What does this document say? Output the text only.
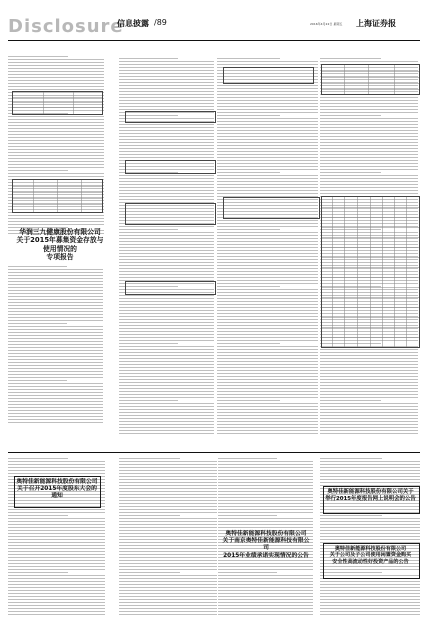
Disclosure
信息披露 /89	2016年4月22日 星期五 上海证券报
华润三九健康股份有限公司
关于2015年募集资金存放与使用情况的
专项报告
奥特佳新能源科技股份有限公司
关于召开2015年度股东大会的通知
奥特佳新能源科技股份有限公司
关于南京奥特佳新能源科技有限公司
2015年业绩承诺实现情况的公告
奥特佳新能源科技股份有限公司关于
举行2015年度报告网上说明会的公告
奥特佳新能源科技股份有限公司
关于公司及子公司使用闲置资金购买
安全性高流动性好投资产品的公告
